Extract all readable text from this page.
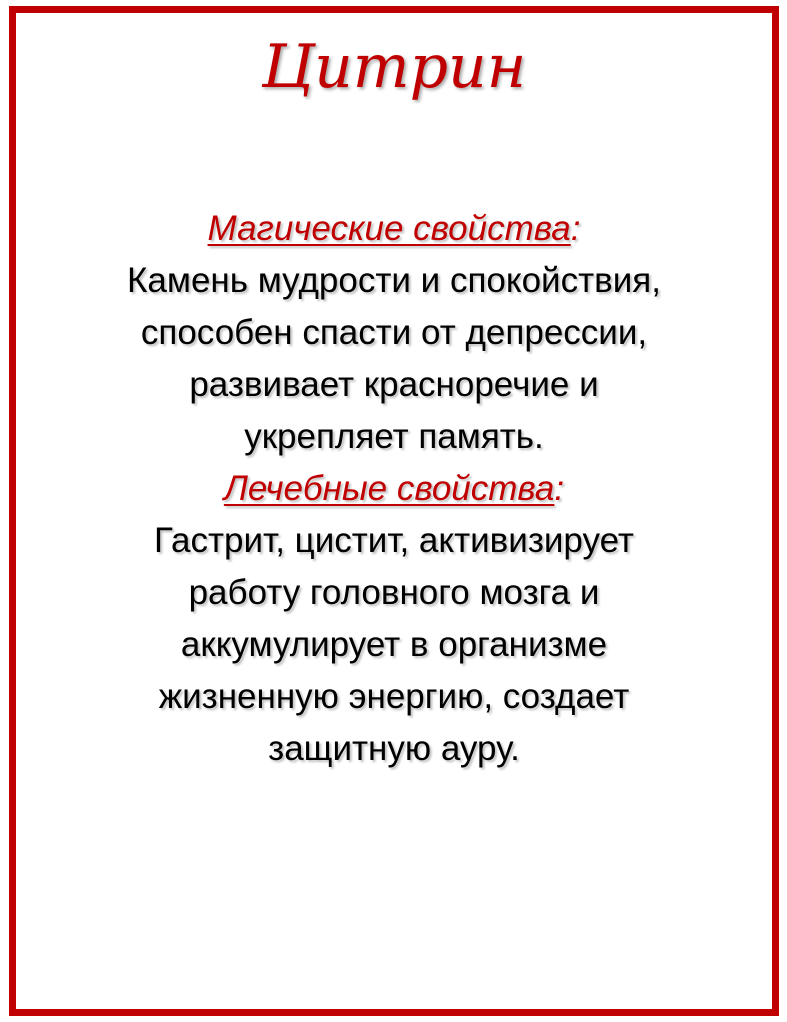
Цитрин
Магические свойства:
Камень мудрости и спокойствия,
способен спасти от депрессии,
развивает красноречие и
укрепляет память.
Лечебные свойства:
Гастрит, цистит, активизирует
работу головного мозга и
аккумулирует в организме
жизненную энергию, создает
защитную ауру.
